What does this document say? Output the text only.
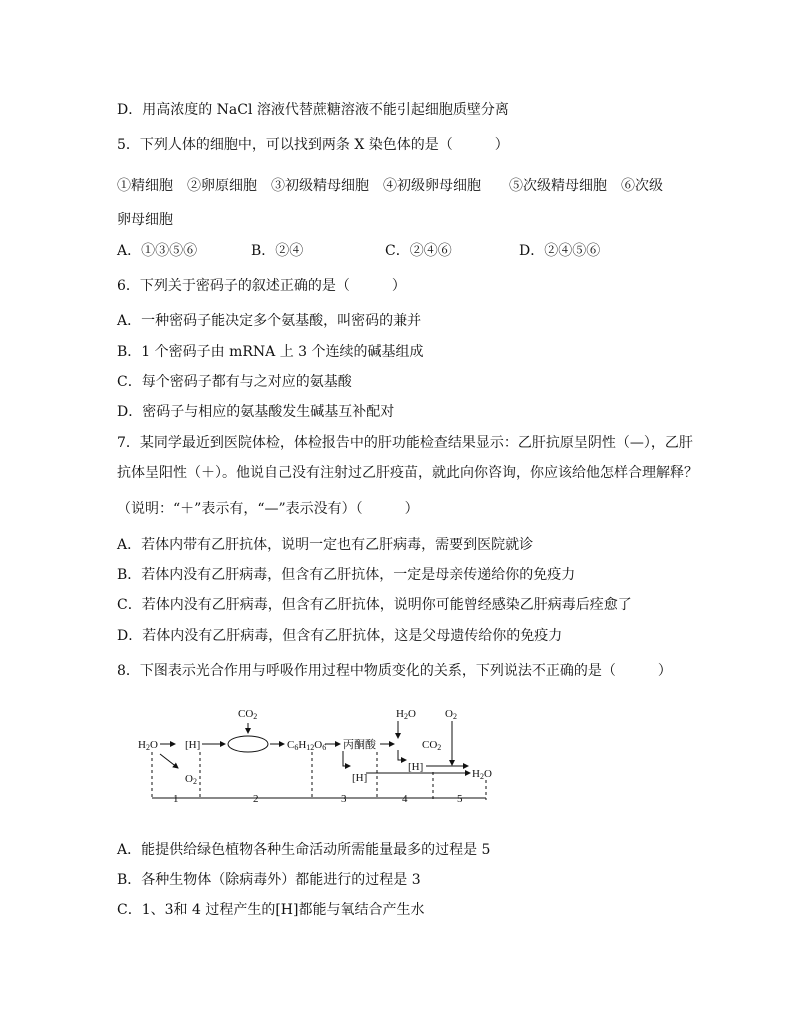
D．用高浓度的 NaCl 溶液代替蔗糖溶液不能引起细胞质壁分离
5．下列人体的细胞中，可以找到两条 X 染色体的是（　　　）
①精细胞　②卵原细胞　③初级精母细胞　④初级卵母细胞　　⑤次级精母细胞　⑥次级
卵母细胞
A．①③⑤⑥	B．②④	C．②④⑥	D．②④⑤⑥
6．下列关于密码子的叙述正确的是（　　　）
A．一种密码子能决定多个氨基酸，叫密码的兼并
B．1 个密码子由 mRNA 上 3 个连续的碱基组成
C．每个密码子都有与之对应的氨基酸
D．密码子与相应的氨基酸发生碱基互补配对
7．某同学最近到医院体检，体检报告中的肝功能检查结果显示：乙肝抗原呈阴性（—），乙肝
抗体呈阳性（＋）。他说自己没有注射过乙肝疫苗，就此向你咨询，你应该给他怎样合理解释？
（说明：“＋”表示有，“—”表示没有）（　　　）
A．若体内带有乙肝抗体，说明一定也有乙肝病毒，需要到医院就诊
B．若体内没有乙肝病毒，但含有乙肝抗体，一定是母亲传递给你的免疫力
C．若体内没有乙肝病毒，但含有乙肝抗体，说明你可能曾经感染乙肝病毒后痊愈了
D．若体内没有乙肝病毒，但含有乙肝抗体，这是父母遗传给你的免疫力
8．下图表示光合作用与呼吸作用过程中物质变化的关系，下列说法不正确的是（　　　）
H2O [H]
O2
CO2
C6H12O6 丙酮酸
H2O	O2
CO2
[H]
[H]
H2O
1	2	3	4	5
A．能提供给绿色植物各种生命活动所需能量最多的过程是 5
B．各种生物体（除病毒外）都能进行的过程是 3
C．1、3和 4 过程产生的[H]都能与氧结合产生水
